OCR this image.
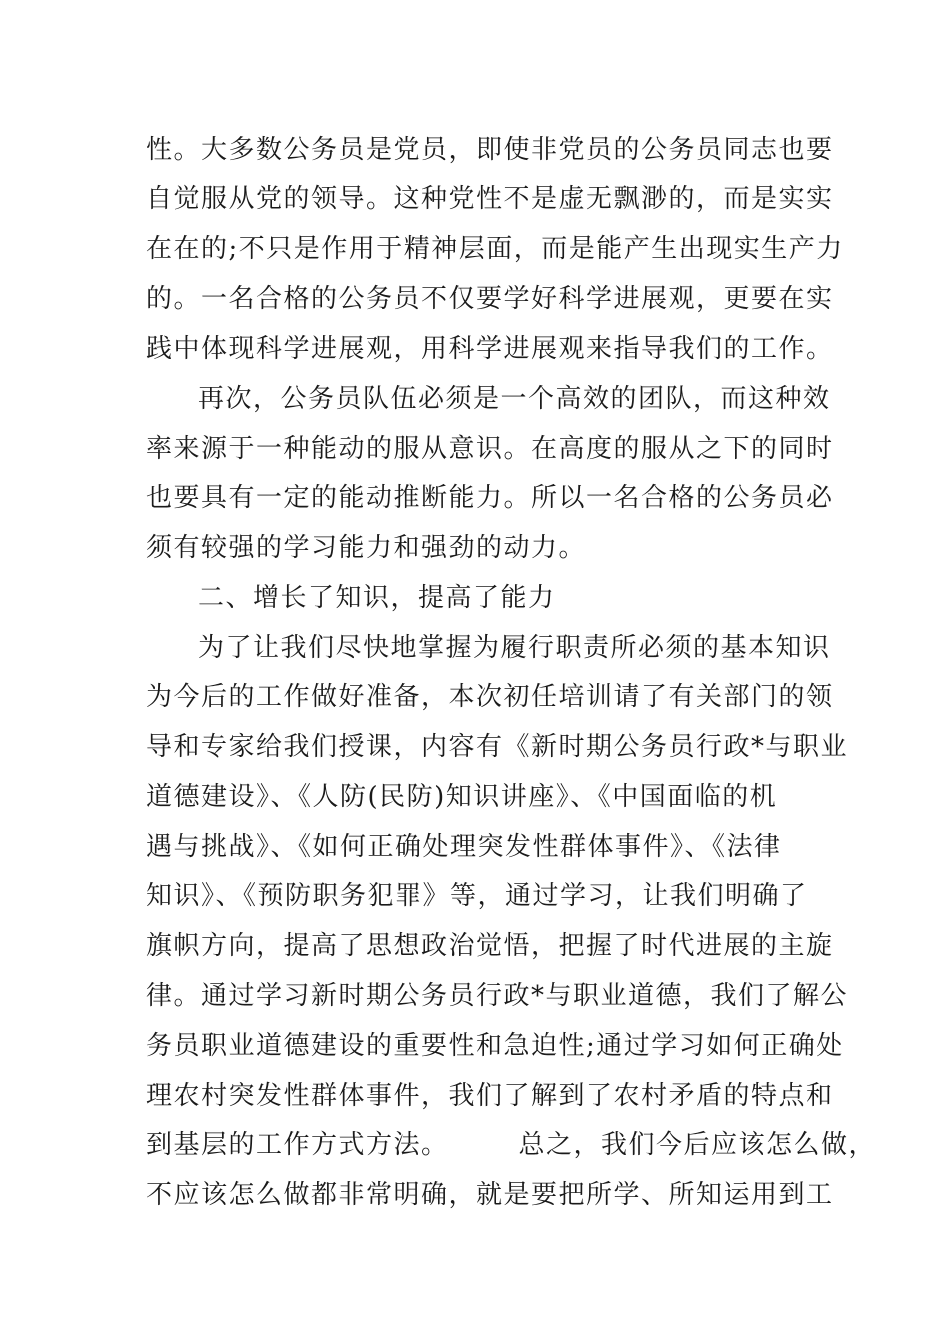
性。大多数公务员是党员，即使非党员的公务员同志也要
自觉服从党的领导。这种党性不是虚无飘渺的，而是实实
在在的;不只是作用于精神层面，而是能产生出现实生产力
的。一名合格的公务员不仅要学好科学进展观，更要在实
践中体现科学进展观，用科学进展观来指导我们的工作。
再次，公务员队伍必须是一个高效的团队，而这种效
率来源于一种能动的服从意识。在高度的服从之下的同时
也要具有一定的能动推断能力。所以一名合格的公务员必
须有较强的学习能力和强劲的动力。
二、增长了知识，提高了能力
为了让我们尽快地掌握为履行职责所必须的基本知识
为今后的工作做好准备，本次初任培训请了有关部门的领
导和专家给我们授课，内容有《新时期公务员行政*与职业
道德建设》、《人防(民防)知识讲座》、《中国面临的机
遇与挑战》、《如何正确处理突发性群体事件》、《法律
知识》、《预防职务犯罪》等，通过学习，让我们明确了
旗帜方向，提高了思想政治觉悟，把握了时代进展的主旋
律。通过学习新时期公务员行政*与职业道德，我们了解公
务员职业道德建设的重要性和急迫性;通过学习如何正确处
理农村突发性群体事件，我们了解到了农村矛盾的特点和
到基层的工作方式方法。	总之，我们今后应该怎么做，
不应该怎么做都非常明确，就是要把所学、所知运用到工
